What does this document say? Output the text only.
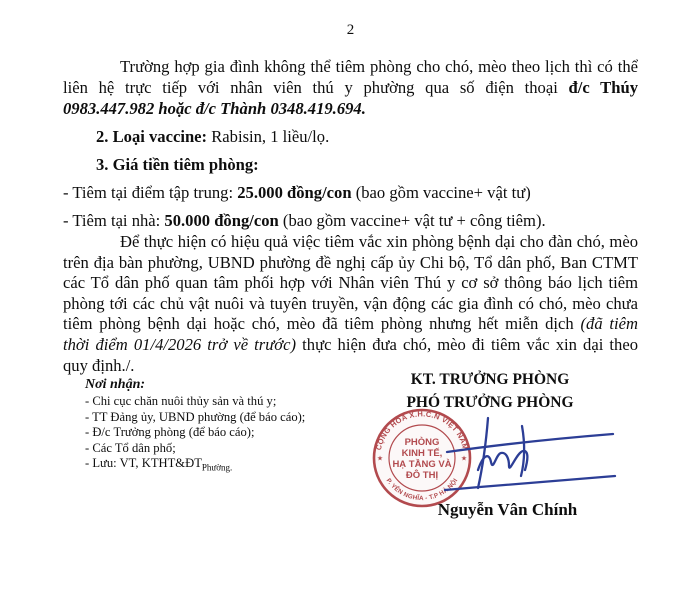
2
Trường hợp gia đình không thể tiêm phòng cho chó, mèo theo lịch thì có thể
liên hệ trực tiếp với nhân viên thú y phường qua số điện thoại đ/c Thúy
0983.447.982 hoặc đ/c Thành 0348.419.694.
2. Loại vaccine: Rabisin, 1 liều/lọ.
3. Giá tiền tiêm phòng:
- Tiêm tại điểm tập trung: 25.000 đồng/con (bao gồm vaccine+ vật tư)
- Tiêm tại nhà: 50.000 đồng/con (bao gồm vaccine+ vật tư + công tiêm).
Để thực hiện có hiệu quả việc tiêm vắc xin phòng bệnh dại cho đàn chó, mèo
trên địa bàn phường, UBND phường đề nghị cấp ủy Chi bộ, Tổ dân phố, Ban CTMT
các Tổ dân phố quan tâm phối hợp với Nhân viên Thú y cơ sở thông báo lịch tiêm
phòng tới các chủ vật nuôi và tuyên truyền, vận động các gia đình có chó, mèo chưa
tiêm phòng bệnh dại hoặc chó, mèo đã tiêm phòng nhưng hết miễn dịch (đã tiêm
thời điểm 01/4/2026 trở về trước) thực hiện đưa chó, mèo đi tiêm vắc xin dại theo
quy định./.
Nơi nhận:
- Chi cục chăn nuôi thủy sản và thú y;
- TT Đảng ủy, UBND phường (để báo cáo);
- Đ/c Trưởng phòng (để báo cáo);
- Các Tổ dân phố;
- Lưu: VT, $KTHT\&ĐT_{Phường.}$
KT. TRƯỞNG PHÒNG
PHÓ TRƯỞNG PHÒNG
CỘNG HÒA X.H.C.N VIỆT NAM
P. YÊN NGHĨA - T.P HÀ NỘI
★	★
PHÒNG
KINH TẾ,
HẠ TẦNG VÀ
ĐÔ THỊ
Nguyễn Vân Chính
